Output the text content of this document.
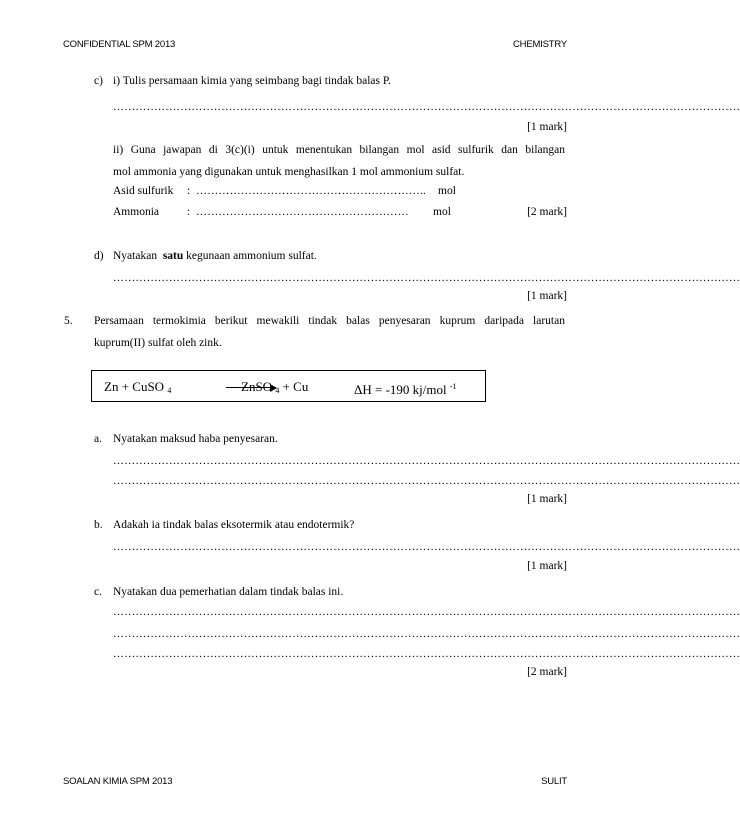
CONFIDENTIAL SPM 2013	CHEMISTRY
c) i) Tulis persamaan kimia yang seimbang bagi tindak balas P.
……………………………………………………………………………………………………………………………………………………
[1 mark]
ii) Guna jawapan di 3(c)(i) untuk menentukan bilangan mol asid sulfurik dan bilangan
mol ammonia yang digunakan untuk menghasilkan 1 mol ammonium sulfat.
Asid sulfurik : ……………………………………………………..	mol
Ammonia : …………………………………………………	mol	[2 mark]
d) Nyatakan satu kegunaan ammonium sulfat.
……………………………………………………………………………………………………………………………………………………
[1 mark]
5. Persamaan termokimia berikut mewakili tindak balas penyesaran kuprum daripada larutan
kuprum(II) sulfat oleh zink.
Zn + CuSO $_4$	ZnSO $_4$ + Cu	ΔH = -190 kj/mol $^{-1}$
a. Nyatakan maksud haba penyesaran.
……………………………………………………………………………………………………………………………………………………
……………………………………………………………………………………………………………………………………………………
[1 mark]
b. Adakah ia tindak balas eksotermik atau endotermik?
……………………………………………………………………………………………………………………………………………………
[1 mark]
c. Nyatakan dua pemerhatian dalam tindak balas ini.
……………………………………………………………………………………………………………………………………………………
……………………………………………………………………………………………………………………………………………………
……………………………………………………………………………………………………………………………………………………
[2 mark]
SOALAN KIMIA SPM 2013	SULIT
